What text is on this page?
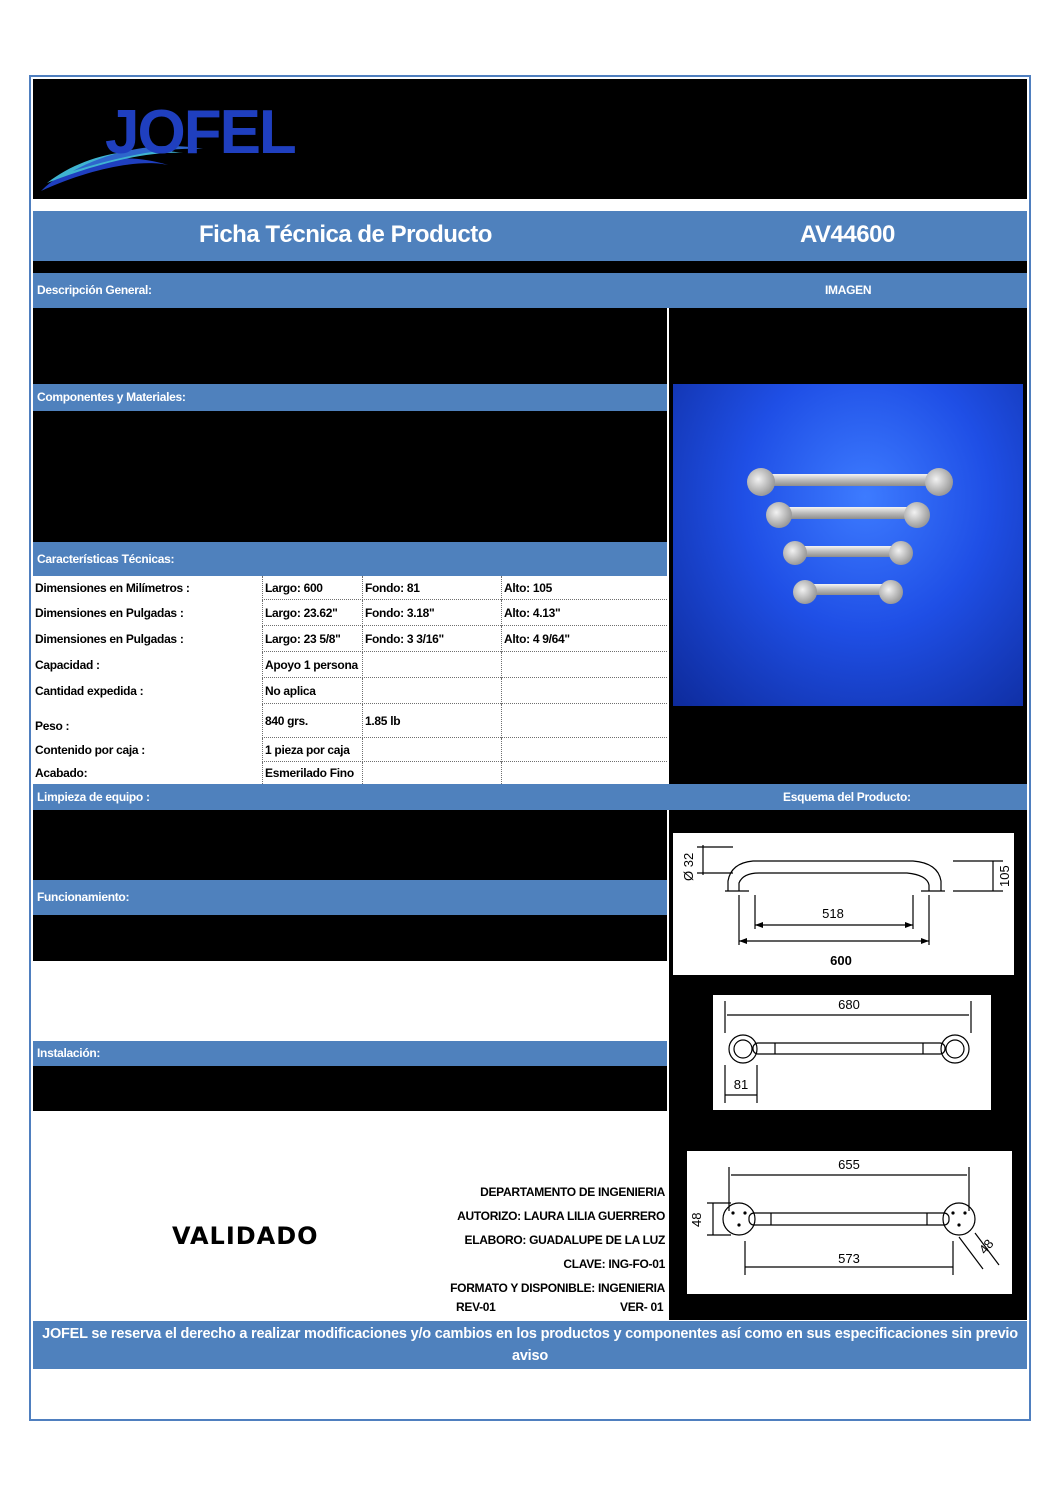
JOFEL
Ficha Técnica de Producto	AV44600
Descripción General:	IMAGEN
Componentes y Materiales:
Características Técnicas:
Dimensiones en Milímetros :	Largo: 600	Fondo: 81	Alto: 105
Dimensiones en Pulgadas :	Largo: 23.62"	Fondo: 3.18"	Alto: 4.13"
Dimensiones en Pulgadas :	Largo: 23 5/8"	Fondo: 3 3/16"	Alto: 4 9/64"
Capacidad :	Apoyo 1 persona
Cantidad expedida :	No aplica
Peso :	840 grs.	1.85 lb
Contenido por caja :	1 pieza por caja
Acabado:	Esmerilado Fino
Limpieza de equipo :	Esquema del Producto:
518
600
Ø 32	105
680
81
655
573
48
48
Funcionamiento:
Instalación:
VALIDADO
DEPARTAMENTO DE INGENIERIA
AUTORIZO: LAURA LILIA GUERRERO
ELABORO: GUADALUPE DE LA LUZ
CLAVE: ING-FO-01
FORMATO Y DISPONIBLE: INGENIERIA
REV-01	VER- 01
JOFEL se reserva el derecho a realizar modificaciones y/o cambios en los productos y componentes así como en sus especificaciones sin previo aviso
